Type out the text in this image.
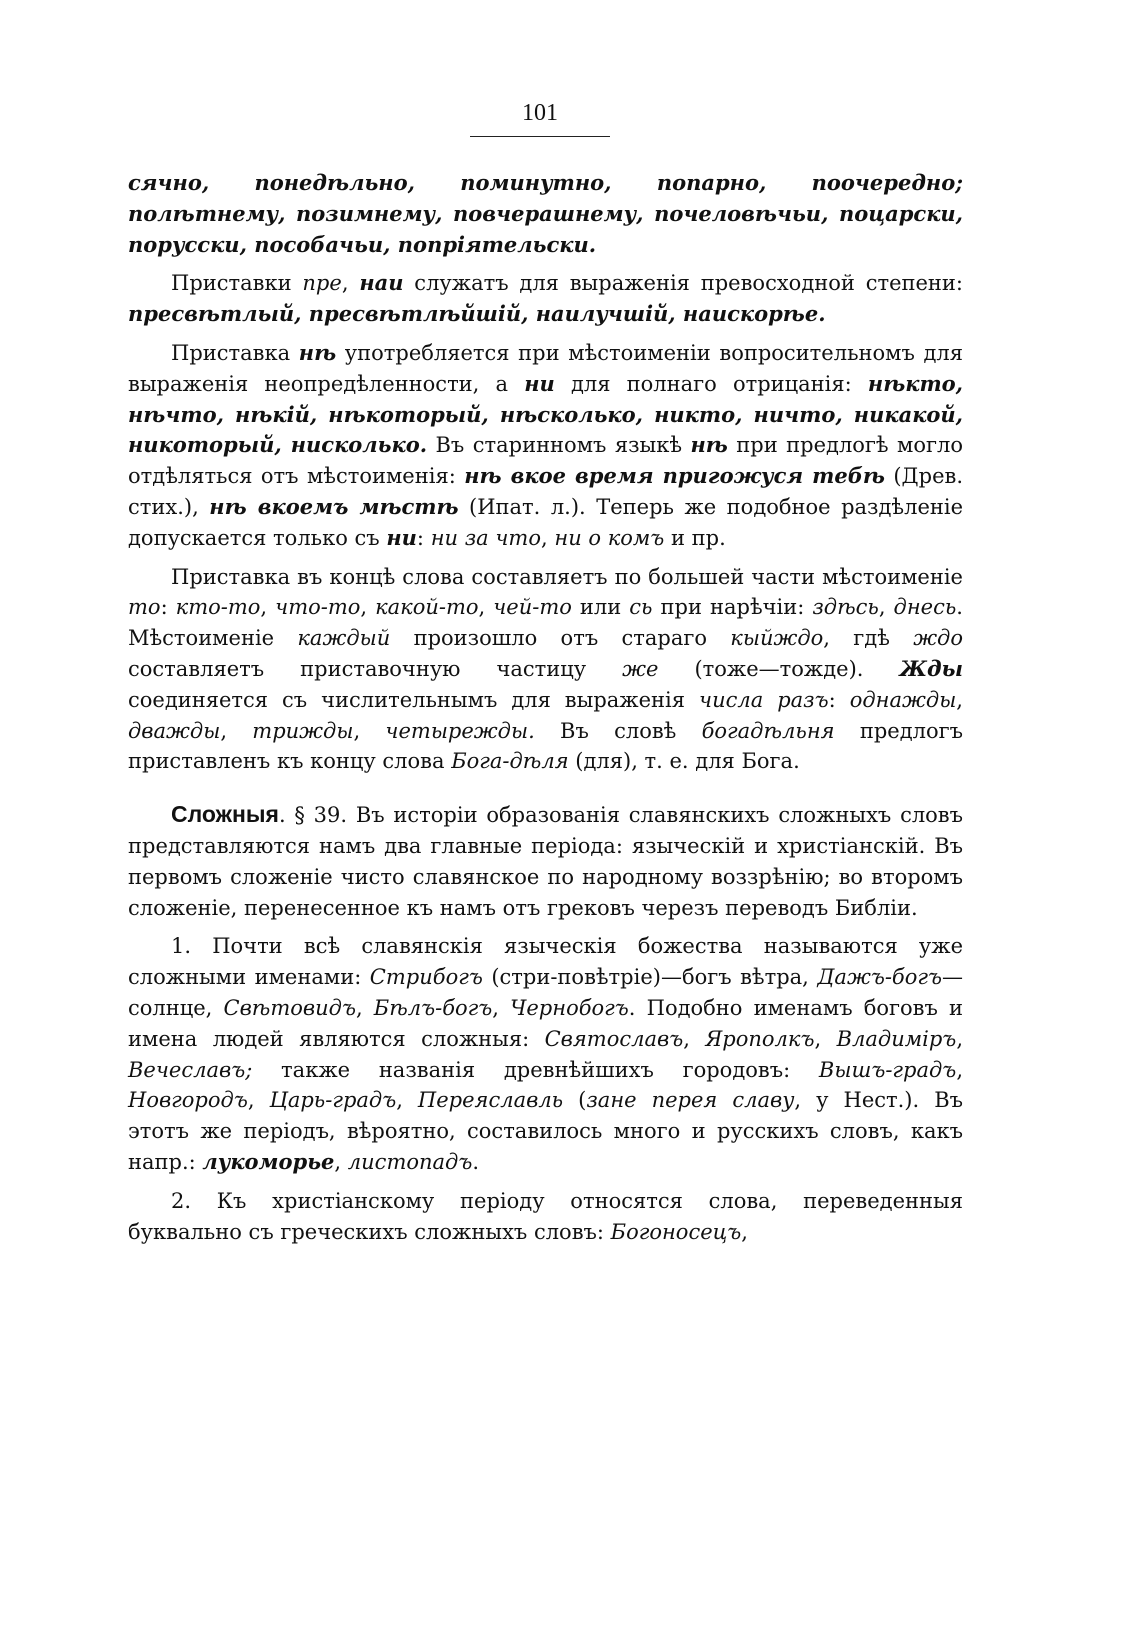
101

сячно, понедѣльно, поминутно, попарно, поочередно; полѣтнему, позимнему, повчерашнему, почеловѣчьи, поцарски, порусски, пособачьи, попріятельски.

Приставки пре, наи служатъ для выраженія превосходной степени: пресвѣтлый, пресвѣтлѣйшій, наилучшій, наискорѣе.

Приставка нѣ употребляется при мѣстоименіи вопросительномъ для выраженія неопредѣленности, а ни для полнаго отрицанія: нѣкто, нѣчто, нѣкій, нѣкоторый, нѣсколько, никто, ничто, никакой, никоторый, нисколько. Въ старинномъ языкѣ нѣ при предлогѣ могло отдѣляться отъ мѣстоименія: нѣ вкое время пригожуся тебѣ (Древ. стих.), нѣ вкоемъ мѣстѣ (Ипат. л.). Теперь же подобное раздѣленіе допускается только съ ни: ни за что, ни о комъ и пр.

Приставка въ концѣ слова составляетъ по большей части мѣстоименіе то: кто-то, что-то, какой-то, чей-то или сь при нарѣчіи: здѣсь, днесь. Мѣстоименіе каждый произошло отъ стараго кыйждо, гдѣ ждо составляетъ приставочную частицу же (тоже—тожде). Жды соединяется съ числительнымъ для выраженія числа разъ: однажды, дважды, трижды, четырежды. Въ словѣ богадѣльня предлогъ приставленъ къ концу слова Бога-дѣля (для), т. е. для Бога.

Сложныя. § 39. Въ исторіи образованія славянскихъ сложныхъ словъ представляются намъ два главные періода: языческій и христіанскій. Въ первомъ сложеніе чисто славянское по народному воззрѣнію; во второмъ сложеніе, перенесенное къ намъ отъ грековъ черезъ переводъ Библіи.

1. Почти всѣ славянскія языческія божества называются уже сложными именами: Стрибогъ (стри-повѣтріе)—богъ вѣтра, Дажъ-богъ—солнце, Свѣтовидъ, Бѣлъ-богъ, Чернобогъ. Подобно именамъ боговъ и имена людей являются сложныя: Святославъ, Ярополкъ, Владиміръ, Вечеславъ; также названія древнѣйшихъ городовъ: Вышъ-градъ, Новгородъ, Царь-градъ, Переяславль (зане перея славу, у Нест.). Въ этотъ же періодъ, вѣроятно, составилось много и русскихъ словъ, какъ напр.: лукоморье, листопадъ.

2. Къ христіанскому періоду относятся слова, переведенныя буквально съ греческихъ сложныхъ словъ: Богоносецъ,
